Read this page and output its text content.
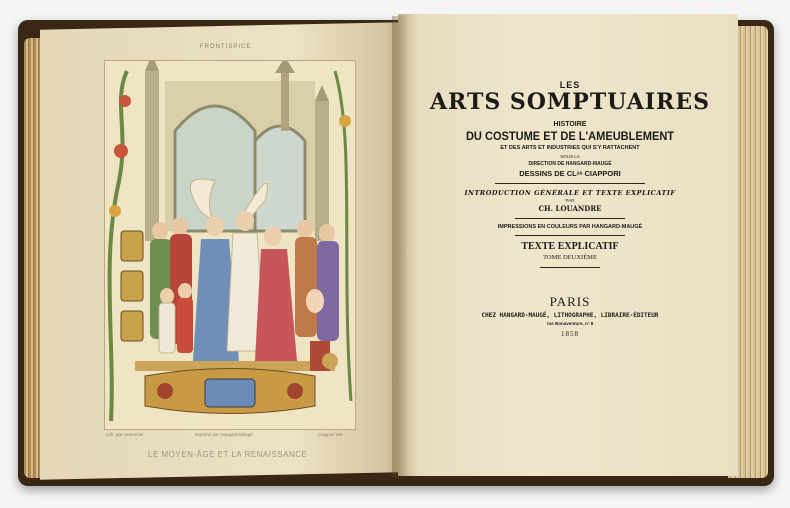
FRONTISPICE
Lith. par Lemercier	Imprimé par Hangard-Maugé	Ciappori del.
LE MOYEN-ÂGE ET LA RENAISSANCE
LES
ARTS SOMPTUAIRES
HISTOIRE
DU COSTUME ET DE L'AMEUBLEMENT
ET DES ARTS ET INDUSTRIES QUI S'Y RATTACHENT
SOUS LA
DIRECTION DE HANGARD-MAUGÉ
DESSINS DE CLᵃˢ CIAPPORI
INTRODUCTION GÉNÉRALE ET TEXTE EXPLICATIF
PAR
CH. LOUANDRE
IMPRESSIONS EN COULEURS PAR HANGARD-MAUGÉ
TEXTE EXPLICATIF
TOME DEUXIÈME
PARIS
CHEZ HANGARD-MAUGÉ, LITHOGRAPHE, LIBRAIRE-ÉDITEUR
rue Bonaventure, n° 8
1858
